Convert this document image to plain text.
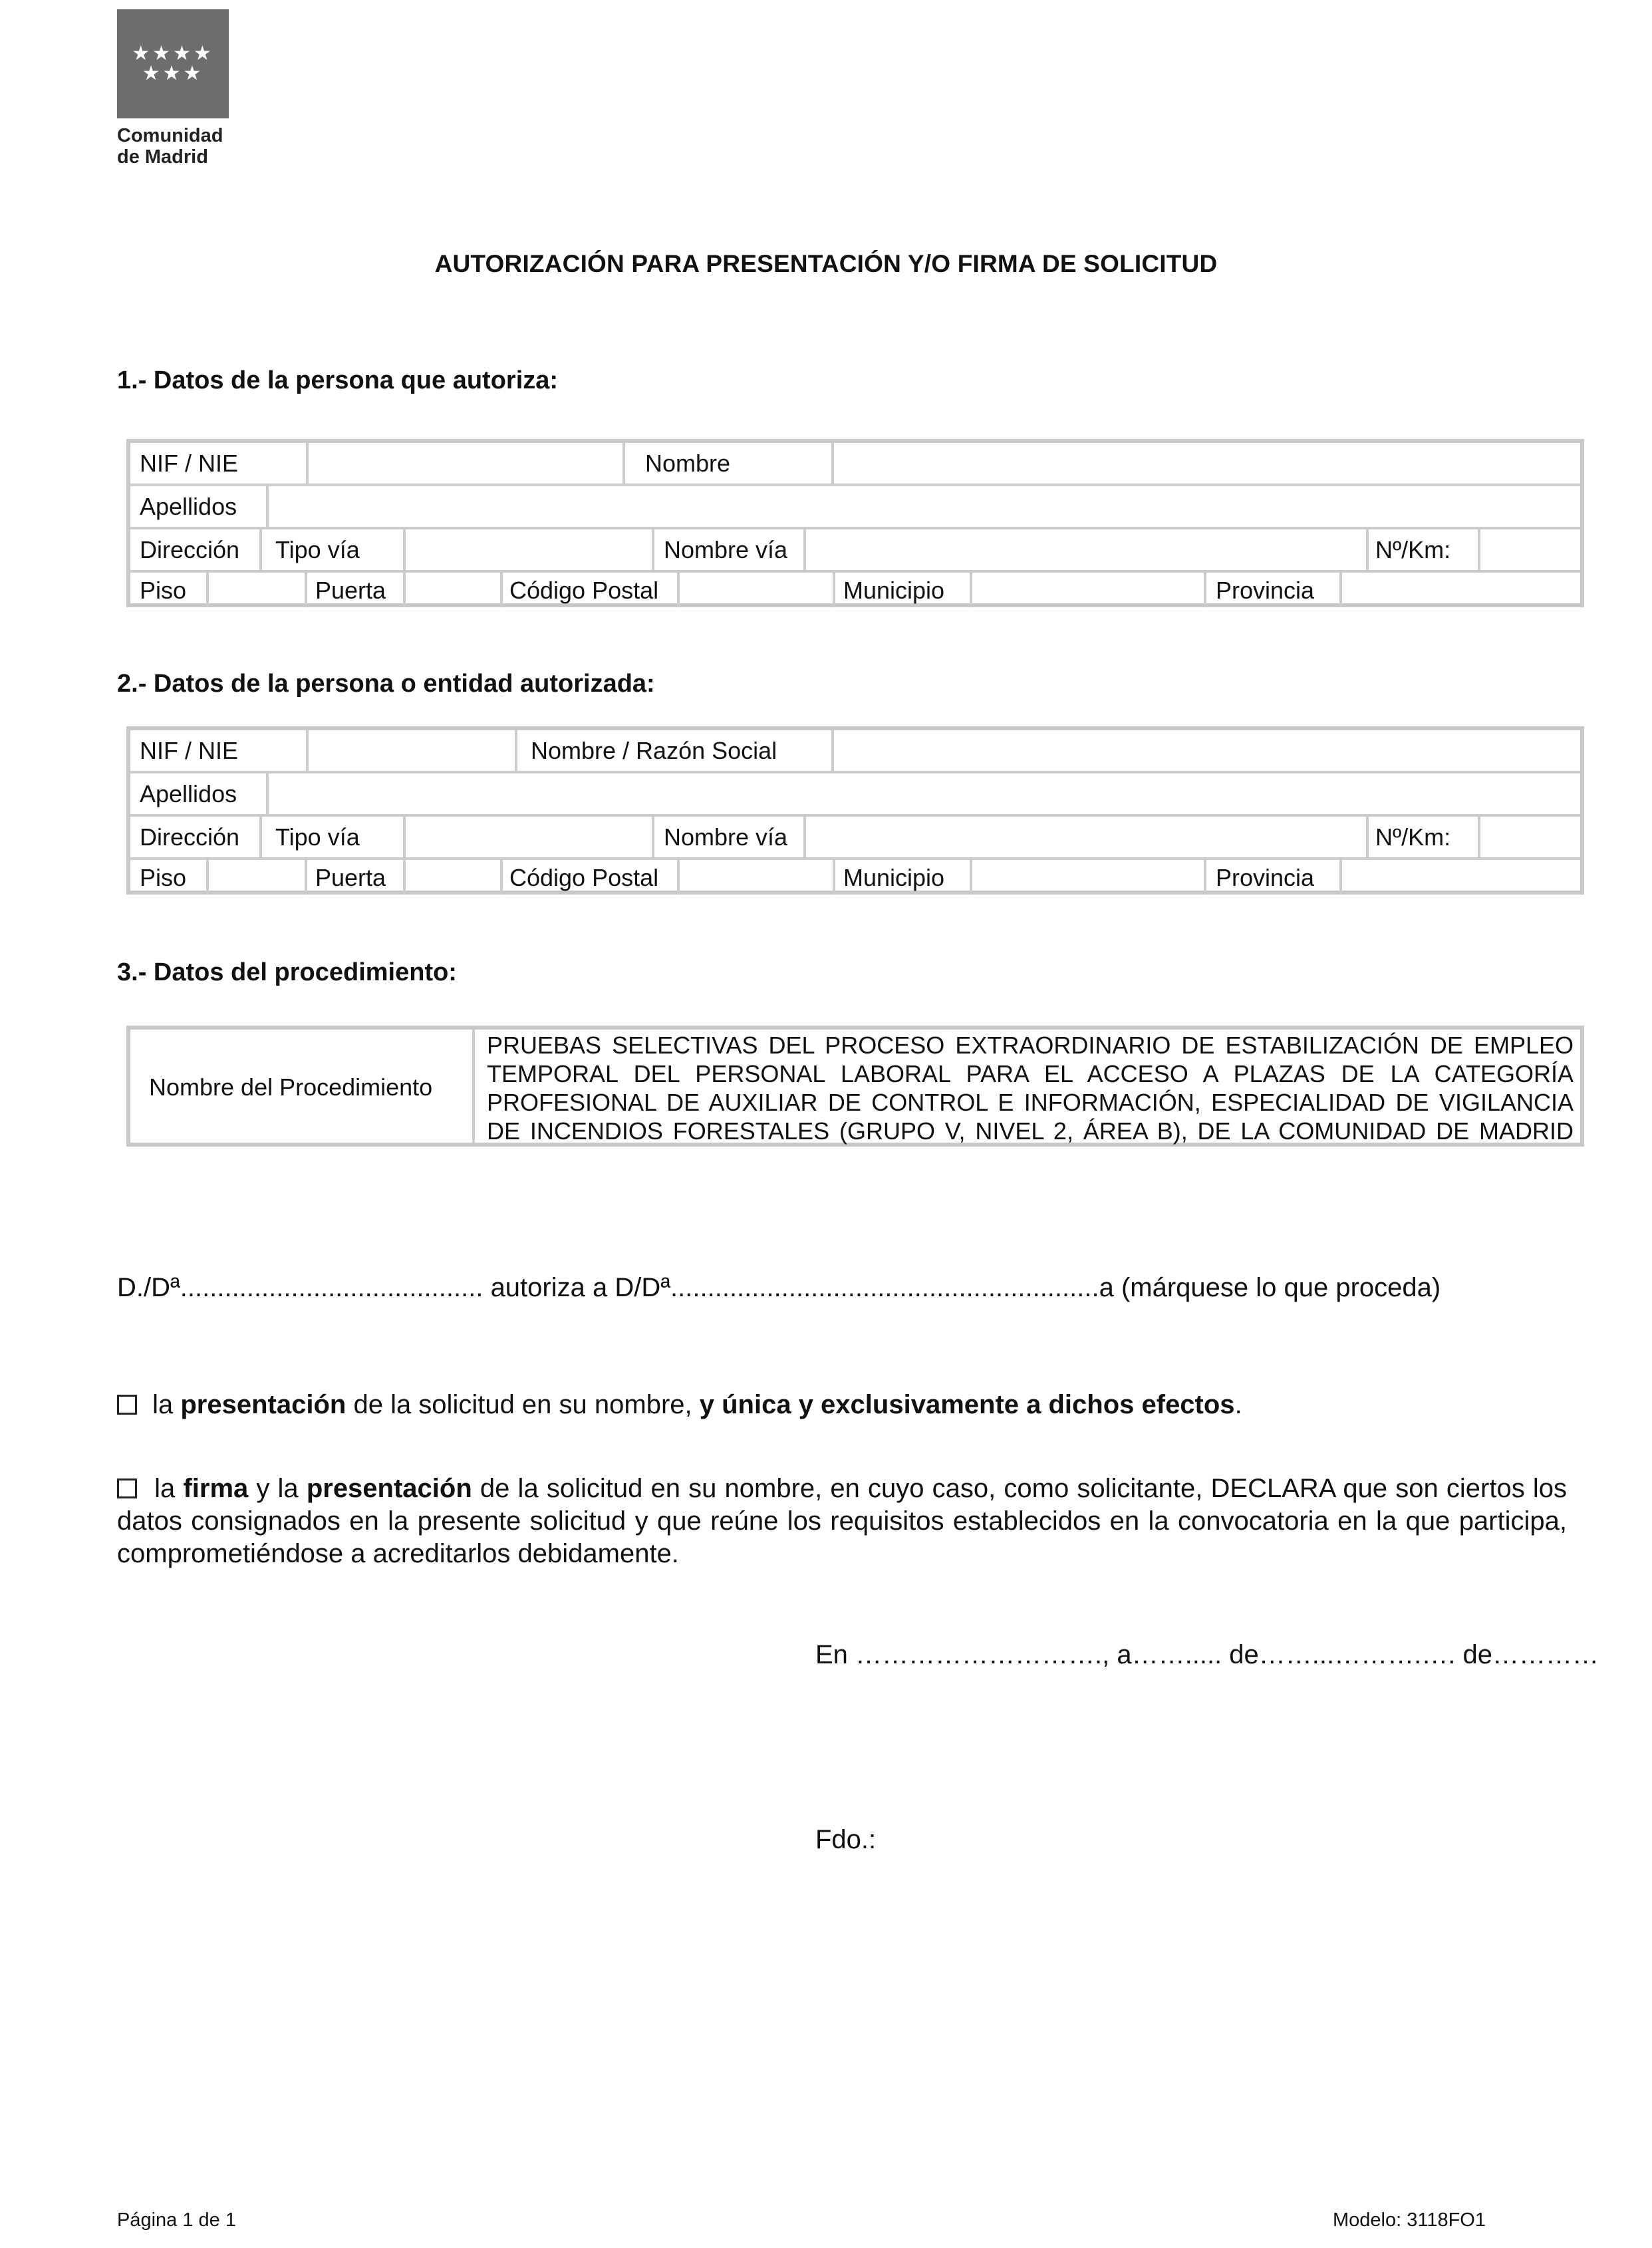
★★★★
★★★
Comunidad
de Madrid
AUTORIZACIÓN PARA PRESENTACIÓN Y/O FIRMA DE SOLICITUD
1.- Datos de la persona que autoriza:
NIF / NIE	Nombre
Apellidos
Dirección Tipo vía	Nombre vía	Nº/Km:
Piso	Puerta	Código Postal	Municipio	Provincia
2.- Datos de la persona o entidad autorizada:
NIF / NIE	Nombre / Razón Social
Apellidos
Dirección Tipo vía	Nombre vía	Nº/Km:
Piso	Puerta	Código Postal	Municipio	Provincia
3.- Datos del procedimiento:
Nombre del Procedimiento
PRUEBAS SELECTIVAS DEL PROCESO EXTRAORDINARIO DE ESTABILIZACIÓN DE EMPLEO TEMPORAL DEL PERSONAL LABORAL PARA EL ACCESO A PLAZAS DE LA CATEGORÍA PROFESIONAL DE AUXILIAR DE CONTROL E INFORMACIÓN, ESPECIALIDAD DE VIGILANCIA DE INCENDIOS FORESTALES (GRUPO V, NIVEL 2, ÁREA B), DE LA COMUNIDAD DE MADRID
D./Dª......................................... autoriza a D/Dª..........................................................a (márquese lo que proceda)
la presentación de la solicitud en su nombre, y única y exclusivamente a dichos efectos.
la firma y la presentación de la solicitud en su nombre, en cuyo caso, como solicitante, DECLARA que son ciertos los datos consignados en la presente solicitud y que reúne los requisitos establecidos en la convocatoria en la que participa, comprometiéndose a acreditarlos debidamente.
En ………………………., a……..... de……...……….…. de…………
Fdo.:
Página 1 de 1	Modelo: 3118FO1
